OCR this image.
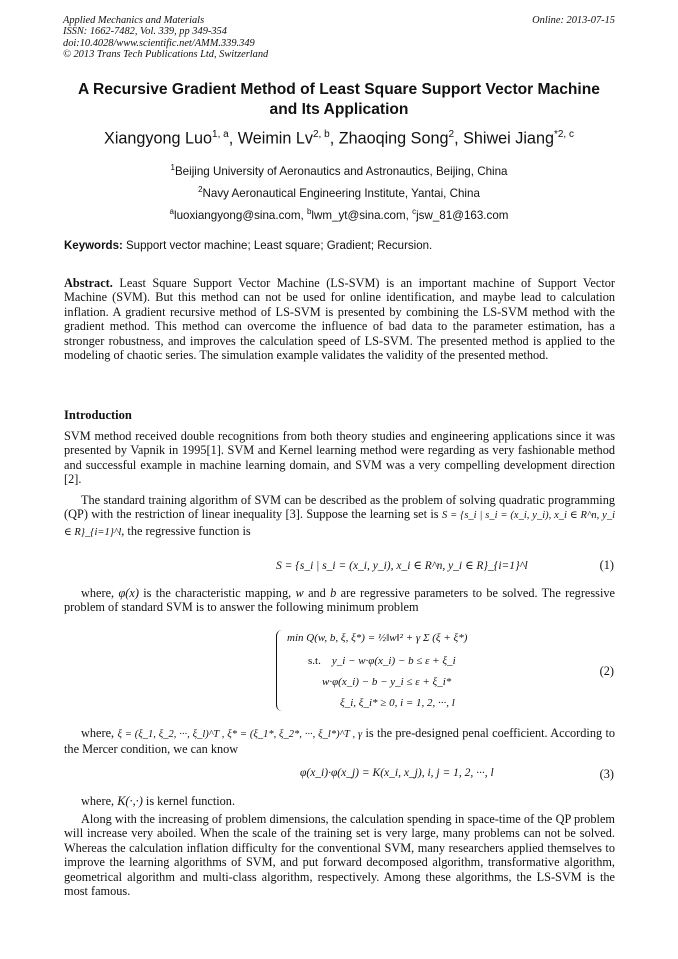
Applied Mechanics and Materials
ISSN: 1662-7482, Vol. 339, pp 349-354
doi:10.4028/www.scientific.net/AMM.339.349
© 2013 Trans Tech Publications Ltd, Switzerland
Online: 2013-07-15
A Recursive Gradient Method of Least Square Support Vector Machine
and Its Application
Xiangyong Luo$^{1, a}$, Weimin Lv$^{2, b}$, Zhaoqing Song$^2$, Shiwei Jiang$^{*2, c}$
$^1$Beijing University of Aeronautics and Astronautics, Beijing, China
$^2$Navy Aeronautical Engineering Institute, Yantai, China
$^a$luoxiangyong@sina.com, $^b$lwm_yt@sina.com, $^c$jsw_81@163.com
Keywords: Support vector machine; Least square; Gradient; Recursion.
Abstract. Least Square Support Vector Machine (LS-SVM) is an important machine of Support Vector Machine (SVM). But this method can not be used for online identification, and maybe lead to calculation inflation. A gradient recursive method of LS-SVM is presented by combining the LS-SVM method with the gradient method. This method can overcome the influence of bad data to the parameter estimation, has a stronger robustness, and improves the calculation speed of LS-SVM. The presented method is applied to the modeling of chaotic series. The simulation example validates the validity of the presented method.
Introduction
SVM method received double recognitions from both theory studies and engineering applications since it was presented by Vapnik in 1995[1]. SVM and Kernel learning method were regarding as very fashionable method and successful example in machine learning domain, and SVM was a very compelling development direction [2].
The standard training algorithm of SVM can be described as the problem of solving quadratic programming (QP) with the restriction of linear inequality [3]. Suppose the learning set is S = {s_i | s_i = (x_i, y_i), x_i ∈ R^n, y_i ∈ R}_{i=1}^l, the regressive function is
S = {s_i | s_i = (x_i, y_i), x_i ∈ R^n, y_i ∈ R}_{i=1}^l	(1)
where, φ(x) is the characteristic mapping, w and b are regressive parameters to be solved. The regressive problem of standard SVM is to answer the following minimum problem
min Q(w, b, ξ, ξ*) = ½‖w‖² + γ Σ (ξ + ξ*)
s.t. y_i − w·φ(x_i) − b ≤ ε + ξ_i
w·φ(x_i) − b − y_i ≤ ε + ξ_i*
ξ_i, ξ_i* ≥ 0, i = 1, 2, ···, l
(2)
where, ξ = (ξ_1, ξ_2, ···, ξ_l)^T , ξ* = (ξ_1*, ξ_2*, ···, ξ_l*)^T , γ is the pre-designed penal coefficient. According to the Mercer condition, we can know
φ(x_i)·φ(x_j) = K(x_i, x_j), i, j = 1, 2, ···, l	(3)
where, K(·,·) is kernel function.
Along with the increasing of problem dimensions, the calculation spending in space-time of the QP problem will increase very aboiled. When the scale of the training set is very large, many problems can not be solved. Whereas the calculation inflation difficulty for the conventional SVM, many researchers applied themselves to improve the learning algorithms of SVM, and put forward decomposed algorithm, transformative algorithm, geometrical algorithm and multi-class algorithm, respectively. Among these algorithms, the LS-SVM is the most famous.
